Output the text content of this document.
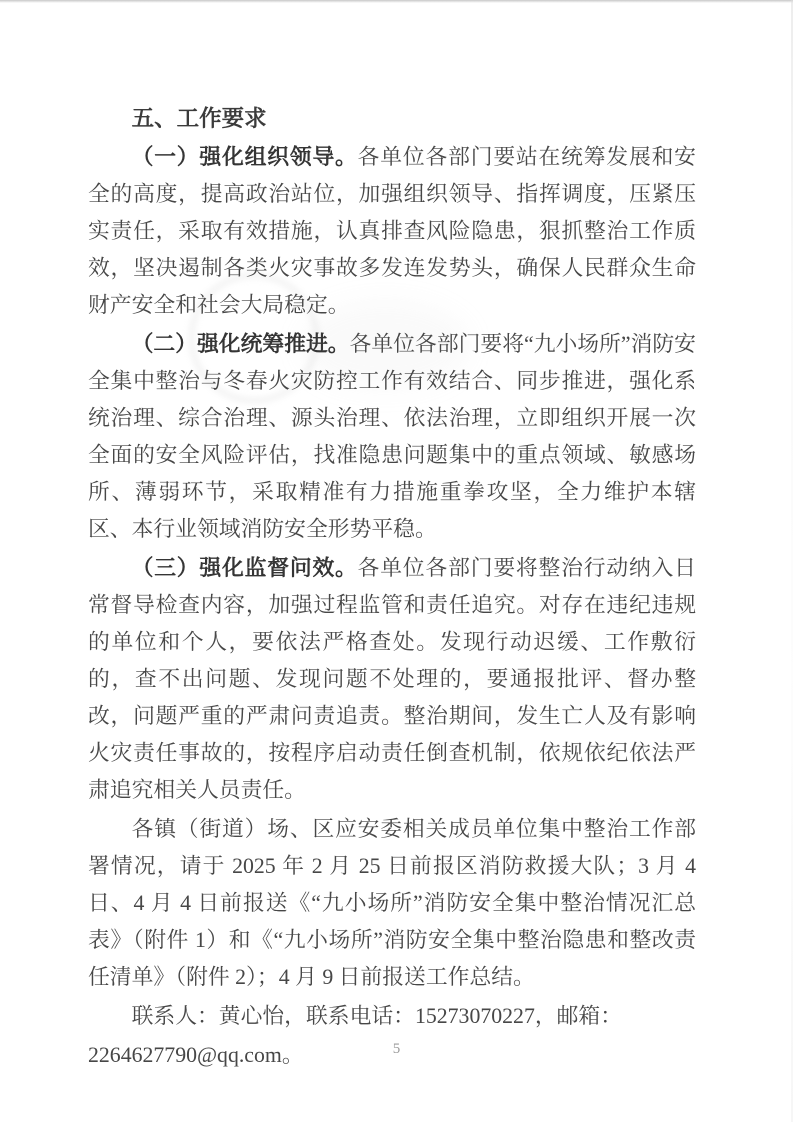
五、工作要求

（一）强化组织领导。各单位各部门要站在统筹发展和安全的高度，提高政治站位，加强组织领导、指挥调度，压紧压实责任，采取有效措施，认真排查风险隐患，狠抓整治工作质效，坚决遏制各类火灾事故多发连发势头，确保人民群众生命财产安全和社会大局稳定。

（二）强化统筹推进。各单位各部门要将“九小场所”消防安全集中整治与冬春火灾防控工作有效结合、同步推进，强化系统治理、综合治理、源头治理、依法治理，立即组织开展一次全面的安全风险评估，找准隐患问题集中的重点领域、敏感场所、薄弱环节，采取精准有力措施重拳攻坚，全力维护本辖区、本行业领域消防安全形势平稳。

（三）强化监督问效。各单位各部门要将整治行动纳入日常督导检查内容，加强过程监管和责任追究。对存在违纪违规的单位和个人，要依法严格查处。发现行动迟缓、工作敷衍的，查不出问题、发现问题不处理的，要通报批评、督办整改，问题严重的严肃问责追责。整治期间，发生亡人及有影响火灾责任事故的，按程序启动责任倒查机制，依规依纪依法严肃追究相关人员责任。

各镇（街道）场、区应安委相关成员单位集中整治工作部署情况，请于 2025 年 2 月 25 日前报区消防救援大队；3 月 4 日、4 月 4 日前报送《“九小场所”消防安全集中整治情况汇总表》（附件 1）和《“九小场所”消防安全集中整治隐患和整改责任清单》（附件 2）；4 月 9 日前报送工作总结。

联系人：黄心怡，联系电话：15273070227，邮箱：

2264627790@qq.com。	5
